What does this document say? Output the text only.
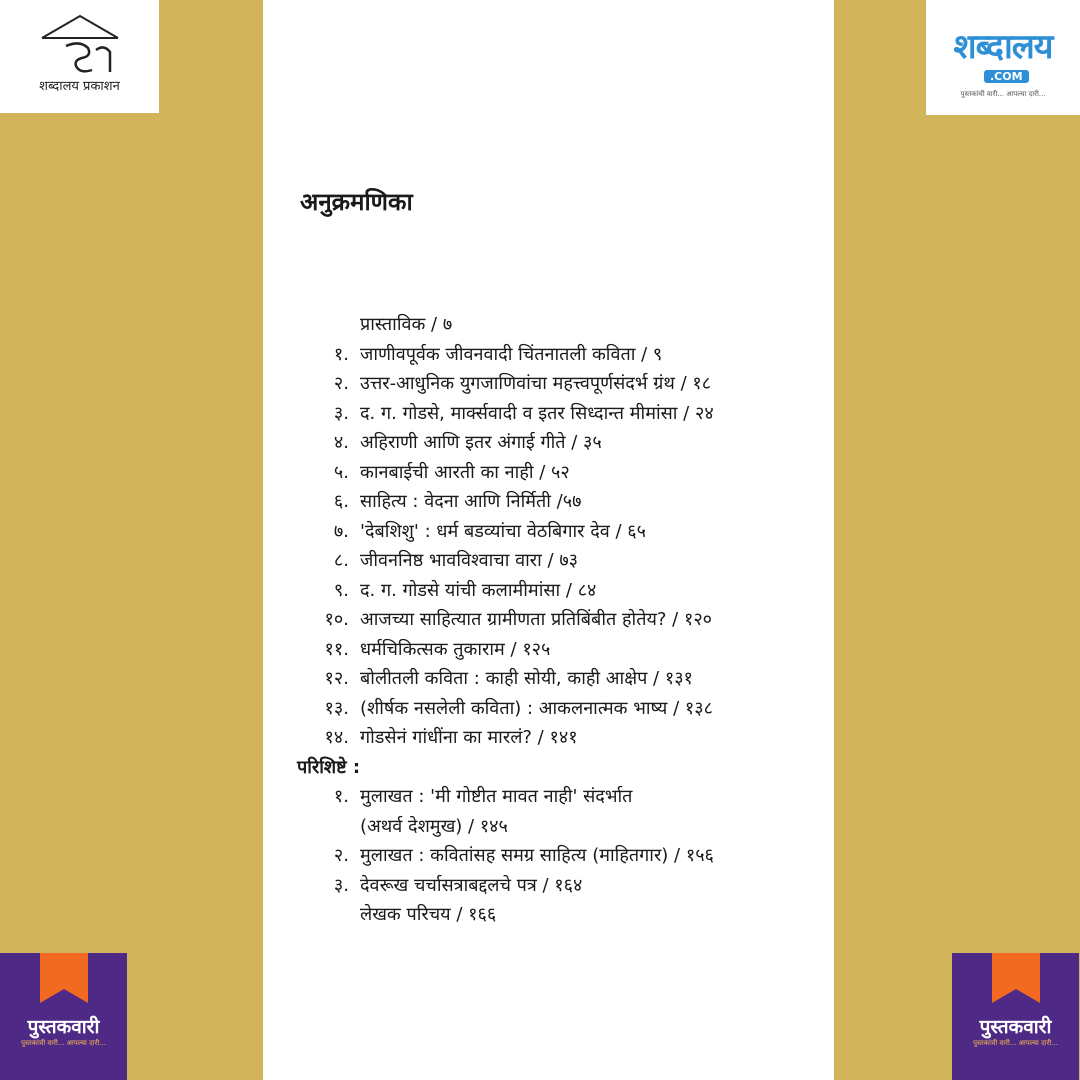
शब्दालय प्रकाशन
शब्दालय
.COM
पुस्तकांची वारी... आपल्या दारी...
पुस्तकवारी
पुस्तकांची वारी... आपल्या दारी...
पुस्तकवारी
पुस्तकांची वारी... आपल्या दारी...
अनुक्रमणिका
प्रास्ताविक / ७
१. जाणीवपूर्वक जीवनवादी चिंतनातली कविता / ९
२. उत्तर-आधुनिक युगजाणिवांचा महत्त्वपूर्णसंदर्भ ग्रंथ / १८
३. द. ग. गोडसे, मार्क्सवादी व इतर सिध्दान्त मीमांसा / २४
४. अहिराणी आणि इतर अंगाई गीते / ३५
५. कानबाईची आरती का नाही / ५२
६. साहित्य : वेदना आणि निर्मिती /५७
७. 'देबशिशु' : धर्म बडव्यांचा वेठबिगार देव / ६५
८. जीवननिष्ठ भावविश्वाचा वारा / ७३
९. द. ग. गोडसे यांची कलामीमांसा / ८४
१०. आजच्या साहित्यात ग्रामीणता प्रतिबिंबीत होतेय? / १२०
११. धर्मचिकित्सक तुकाराम / १२५
१२. बोलीतली कविता : काही सोयी, काही आक्षेप / १३१
१३. (शीर्षक नसलेली कविता) : आकलनात्मक भाष्य / १३८
१४. गोडसेनं गांधींना का मारलं? / १४१
परिशिष्टे :
१. मुलाखत : 'मी गोष्टीत मावत नाही' संदर्भात
(अथर्व देशमुख) / १४५
२. मुलाखत : कवितांसह समग्र साहित्य (माहितगार) / १५६
३. देवरूख चर्चासत्राबद्दलचे पत्र / १६४
लेखक परिचय / १६६
